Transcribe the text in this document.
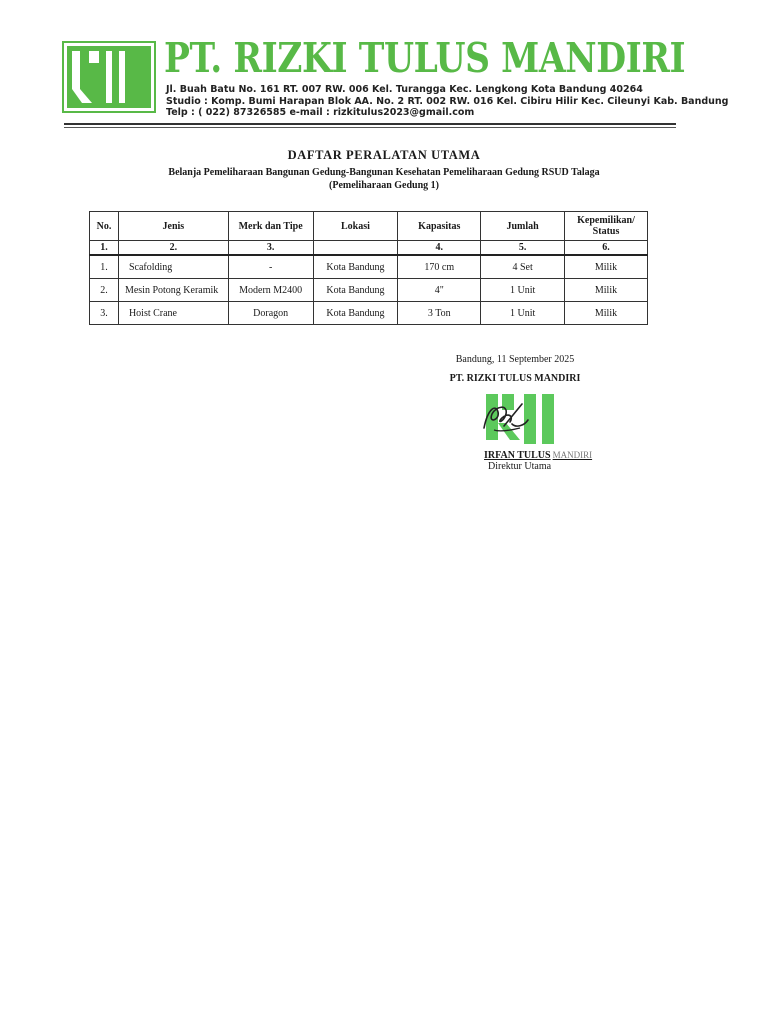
PT. RIZKI TULUS MANDIRI
Jl. Buah Batu No. 161 RT. 007 RW. 006 Kel. Turangga Kec. Lengkong Kota Bandung 40264
Studio : Komp. Bumi Harapan Blok AA. No. 2 RT. 002 RW. 016 Kel. Cibiru Hilir Kec. Cileunyi Kab. Bandung
Telp : ( 022) 87326585 e-mail : rizkitulus2023@gmail.com
DAFTAR PERALATAN UTAMA
Belanja Pemeliharaan Bangunan Gedung-Bangunan Kesehatan Pemeliharaan Gedung RSUD Talaga
(Pemeliharaan Gedung 1)
No.	Jenis	Merk dan Tipe	Lokasi	Kapasitas	Jumlah	Kepemilikan/ Status
1.	2.	3.		4.	5.	6.
1.	Scafolding	-	Kota Bandung	170 cm	4 Set	Milik
2.	Mesin Potong Keramik	Modern M2400	Kota Bandung	4"	1 Unit	Milik
3.	Hoist Crane	Doragon	Kota Bandung	3 Ton	1 Unit	Milik
Bandung, 11 September 2025
PT. RIZKI TULUS MANDIRI
IRFAN TULUS MANDIRI
Direktur Utama
